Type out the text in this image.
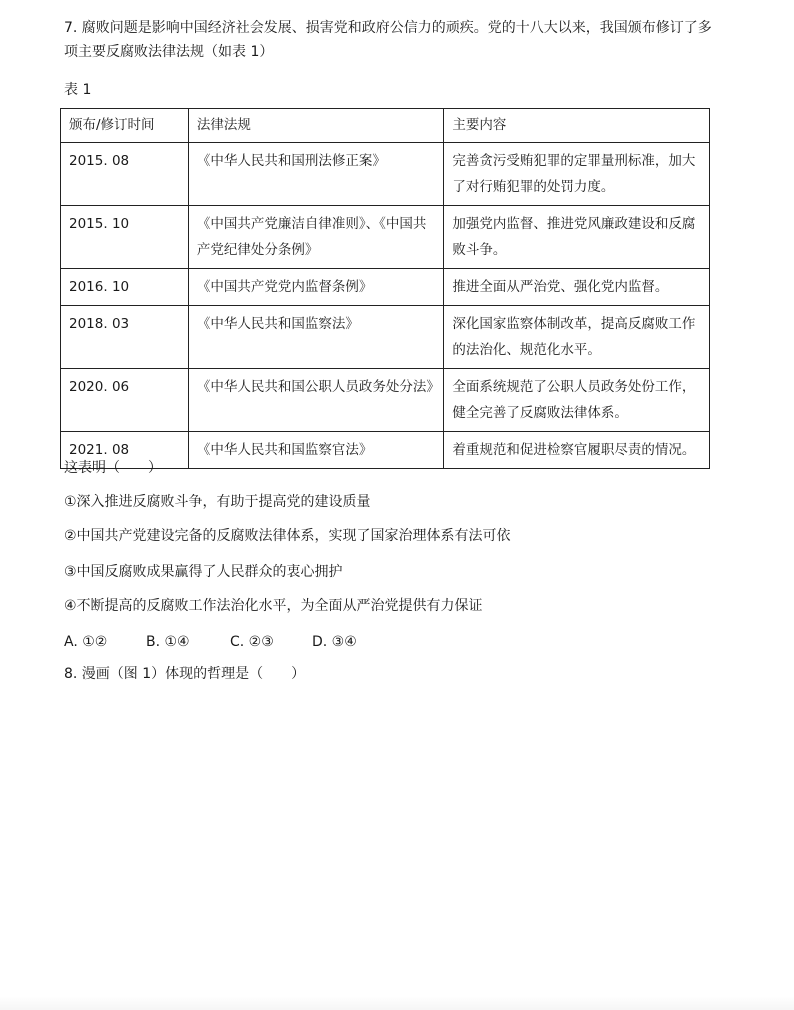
7. 腐败问题是影响中国经济社会发展、损害党和政府公信力的顽疾。党的十八大以来，我国颁布修订了多项主要反腐败法律法规（如表 1）
表 1
颁布/修订时间	法律法规	主要内容
2015. 08	《中华人民共和国刑法修正案》	完善贪污受贿犯罪的定罪量刑标准，加大了对行贿犯罪的处罚力度。
2015. 10	《中国共产党廉洁自律准则》、《中国共产党纪律处分条例》	加强党内监督、推进党风廉政建设和反腐败斗争。
2016. 10	《中国共产党党内监督条例》	推进全面从严治党、强化党内监督。
2018. 03	《中华人民共和国监察法》	深化国家监察体制改革，提高反腐败工作的法治化、规范化水平。
2020. 06	《中华人民共和国公职人员政务处分法》	全面系统规范了公职人员政务处份工作，健全完善了反腐败法律体系。
2021. 08	《中华人民共和国监察官法》	着重规范和促进检察官履职尽责的情况。
这表明（　　）
①深入推进反腐败斗争，有助于提高党的建设质量
②中国共产党建设完备的反腐败法律体系，实现了国家治理体系有法可依
③中国反腐败成果赢得了人民群众的衷心拥护
④不断提高的反腐败工作法治化水平，为全面从严治党提供有力保证
A. ①②	B. ①④	C. ②③	D. ③④
8. 漫画（图 1）体现的哲理是（　　）
